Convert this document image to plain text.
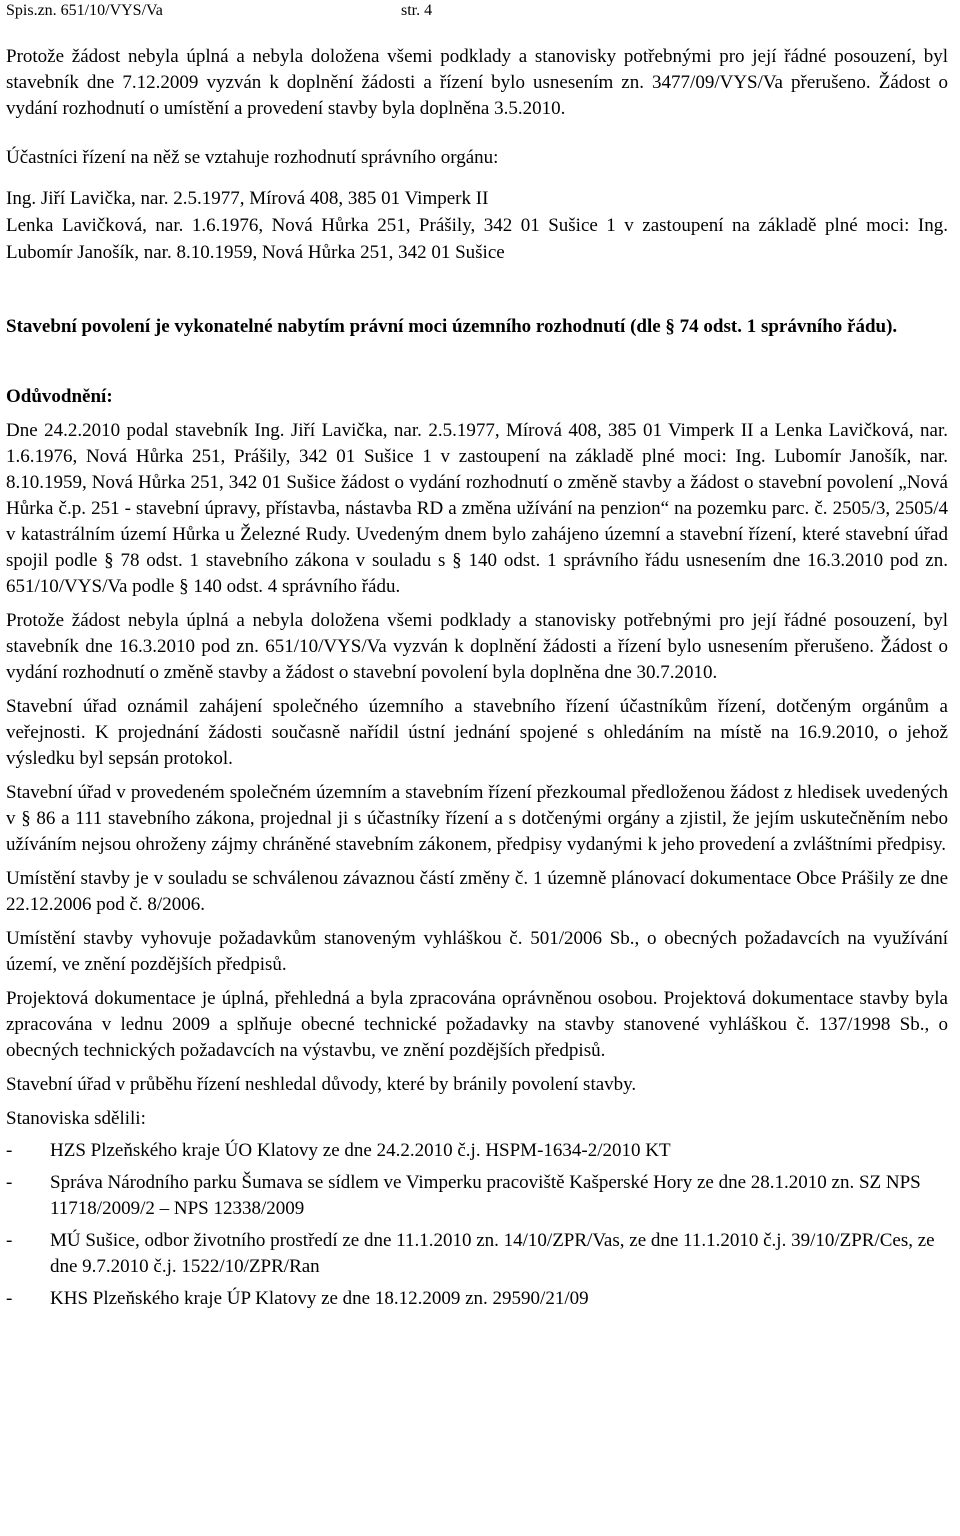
Spis.zn. 651/10/VYS/Va	str. 4

Protože žádost nebyla úplná a nebyla doložena všemi podklady a stanovisky potřebnými pro její řádné posouzení, byl stavebník dne 7.12.2009 vyzván k doplnění žádosti a řízení bylo usnesením zn. 3477/09/VYS/Va přerušeno. Žádost o vydání rozhodnutí o umístění a provedení stavby byla doplněna 3.5.2010.

Účastníci řízení na něž se vztahuje rozhodnutí správního orgánu:

Ing. Jiří Lavička, nar. 2.5.1977, Mírová 408, 385 01 Vimperk II

Lenka Lavičková, nar. 1.6.1976, Nová Hůrka 251, Prášily, 342 01 Sušice 1 v zastoupení na základě plné moci: Ing. Lubomír Janošík, nar. 8.10.1959, Nová Hůrka 251, 342 01 Sušice

Stavební povolení je vykonatelné nabytím právní moci územního rozhodnutí (dle § 74 odst. 1 správního řádu).

Odůvodnění:

Dne 24.2.2010 podal stavebník Ing. Jiří Lavička, nar. 2.5.1977, Mírová 408, 385 01 Vimperk II a Lenka Lavičková, nar. 1.6.1976, Nová Hůrka 251, Prášily, 342 01 Sušice 1 v zastoupení na základě plné moci: Ing. Lubomír Janošík, nar. 8.10.1959, Nová Hůrka 251, 342 01 Sušice žádost o vydání rozhodnutí o změně stavby a žádost o stavební povolení „Nová Hůrka č.p. 251 - stavební úpravy, přístavba, nástavba RD a změna užívání na penzion“ na pozemku parc. č. 2505/3, 2505/4 v katastrálním území Hůrka u Železné Rudy. Uvedeným dnem bylo zahájeno územní a stavební řízení, které stavební úřad spojil podle § 78 odst. 1 stavebního zákona v souladu s § 140 odst. 1 správního řádu usnesením dne 16.3.2010 pod zn. 651/10/VYS/Va podle § 140 odst. 4 správního řádu.

Protože žádost nebyla úplná a nebyla doložena všemi podklady a stanovisky potřebnými pro její řádné posouzení, byl stavebník dne 16.3.2010 pod zn. 651/10/VYS/Va vyzván k doplnění žádosti a řízení bylo usnesením přerušeno. Žádost o vydání rozhodnutí o změně stavby a žádost o stavební povolení byla doplněna dne 30.7.2010.

Stavební úřad oznámil zahájení společného územního a stavebního řízení účastníkům řízení, dotčeným orgánům a veřejnosti. K projednání žádosti současně nařídil ústní jednání spojené s ohledáním na místě na 16.9.2010, o jehož výsledku byl sepsán protokol.

Stavební úřad v provedeném společném územním a stavebním řízení přezkoumal předloženou žádost z hledisek uvedených v § 86 a 111 stavebního zákona, projednal ji s účastníky řízení a s dotčenými orgány a zjistil, že jejím uskutečněním nebo užíváním nejsou ohroženy zájmy chráněné stavebním zákonem, předpisy vydanými k jeho provedení a zvláštními předpisy.

Umístění stavby je v souladu se schválenou závaznou částí změny č. 1 územně plánovací dokumentace Obce Prášily ze dne 22.12.2006 pod č. 8/2006.

Umístění stavby vyhovuje požadavkům stanoveným vyhláškou č. 501/2006 Sb., o obecných požadavcích na využívání území, ve znění pozdějších předpisů.

Projektová dokumentace je úplná, přehledná a byla zpracována oprávněnou osobou. Projektová dokumentace stavby byla zpracována v lednu 2009 a splňuje obecné technické požadavky na stavby stanovené vyhláškou č. 137/1998 Sb., o obecných technických požadavcích na výstavbu, ve znění pozdějších předpisů.

Stavební úřad v průběhu řízení neshledal důvody, které by bránily povolení stavby.

Stanoviska sdělili:

-	HZS Plzeňského kraje ÚO Klatovy ze dne 24.2.2010 č.j. HSPM-1634-2/2010 KT
-	Správa Národního parku Šumava se sídlem ve Vimperku pracoviště Kašperské Hory ze dne 28.1.2010 zn. SZ NPS 11718/2009/2 – NPS 12338/2009
-	MÚ Sušice, odbor životního prostředí ze dne 11.1.2010 zn. 14/10/ZPR/Vas, ze dne 11.1.2010 č.j. 39/10/ZPR/Ces, ze dne 9.7.2010 č.j. 1522/10/ZPR/Ran
-	KHS Plzeňského kraje ÚP Klatovy ze dne 18.12.2009 zn. 29590/21/09
